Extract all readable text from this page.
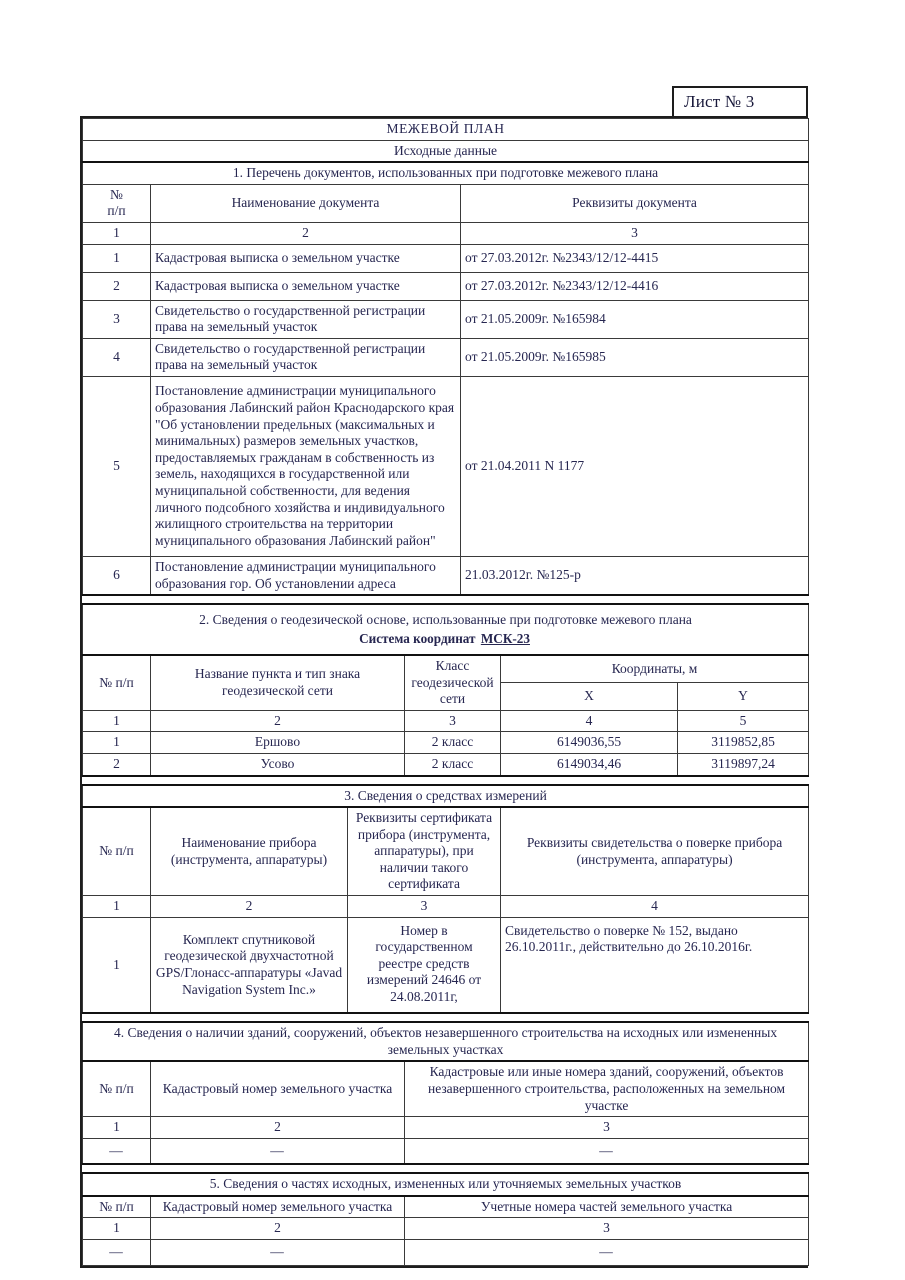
Лист № 3
МЕЖЕВОЙ ПЛАН						
Исходные данные						
1. Перечень документов, использованных при подготовке межевого плана						
№
п/п	Наименование документа			Реквизиты документа		
1	2			3		
1	Кадастровая выписка о земельном участке			от 27.03.2012г. №2343/12/12-4415		
2	Кадастровая выписка о земельном участке			от 27.03.2012г. №2343/12/12-4416		
3	Свидетельство о государственной регистрации права на земельный участок			от 21.05.2009г. №165984		
4	Свидетельство о государственной регистрации права на земельный участок			от 21.05.2009г. №165985		
5	Постановление администрации муниципального образования Лабинский район Краснодарского края "Об установлении предельных (максимальных и минимальных) размеров земельных участков, предоставляемых гражданам в собственность из земель, находящихся в государственной или муниципальной собственности, для ведения личного подсобного хозяйства и индивидуального жилищного строительства на территории муниципального образования Лабинский район"			от 21.04.2011 N 1177		
6	Постановление администрации муниципального образования гор. Об установлении адреса			21.03.2012г. №125-р		

2. Сведения о геодезической основе, использованные при подготовке межевого плана
Система координат МСК-23						

№ п/п	Название пункта и тип знака геодезической сети		Класс геодезической сети		Координаты, м	
					X	Y
1	2		3		4	5
1	Ершово		2 класс		6149036,55	3119852,85
2	Усово		2 класс		6149034,46	3119897,24

3. Сведения о средствах измерений						
№ п/п	Наименование прибора (инструмента, аппаратуры)	Реквизиты сертификата прибора (инструмента, аппаратуры), при наличии такого сертификата			Реквизиты свидетельства о поверке прибора (инструмента, аппаратуры)	
1	2	3			4	
1	Комплект спутниковой геодезической двухчастотной GPS/Глонасс-аппаратуры «Javad Navigation System Inc.»	Номер в государственном реестре средств измерений 24646 от 24.08.2011г,			Свидетельство о поверке № 152, выдано 26.10.2011г., действительно до 26.10.2016г.	

4. Сведения о наличии зданий, сооружений, объектов незавершенного строительства на исходных или измененных земельных участках						
№ п/п	Кадастровый номер земельного участка		Кадастровые или иные номера зданий, сооружений, объектов незавершенного строительства, расположенных на земельном участке			
1	2		3			
—	—		—			

5. Сведения о частях исходных, измененных или уточняемых земельных участков						
№ п/п	Кадастровый номер земельного участка		Учетные номера частей земельного участка			
1	2		3			
—	—		—			
